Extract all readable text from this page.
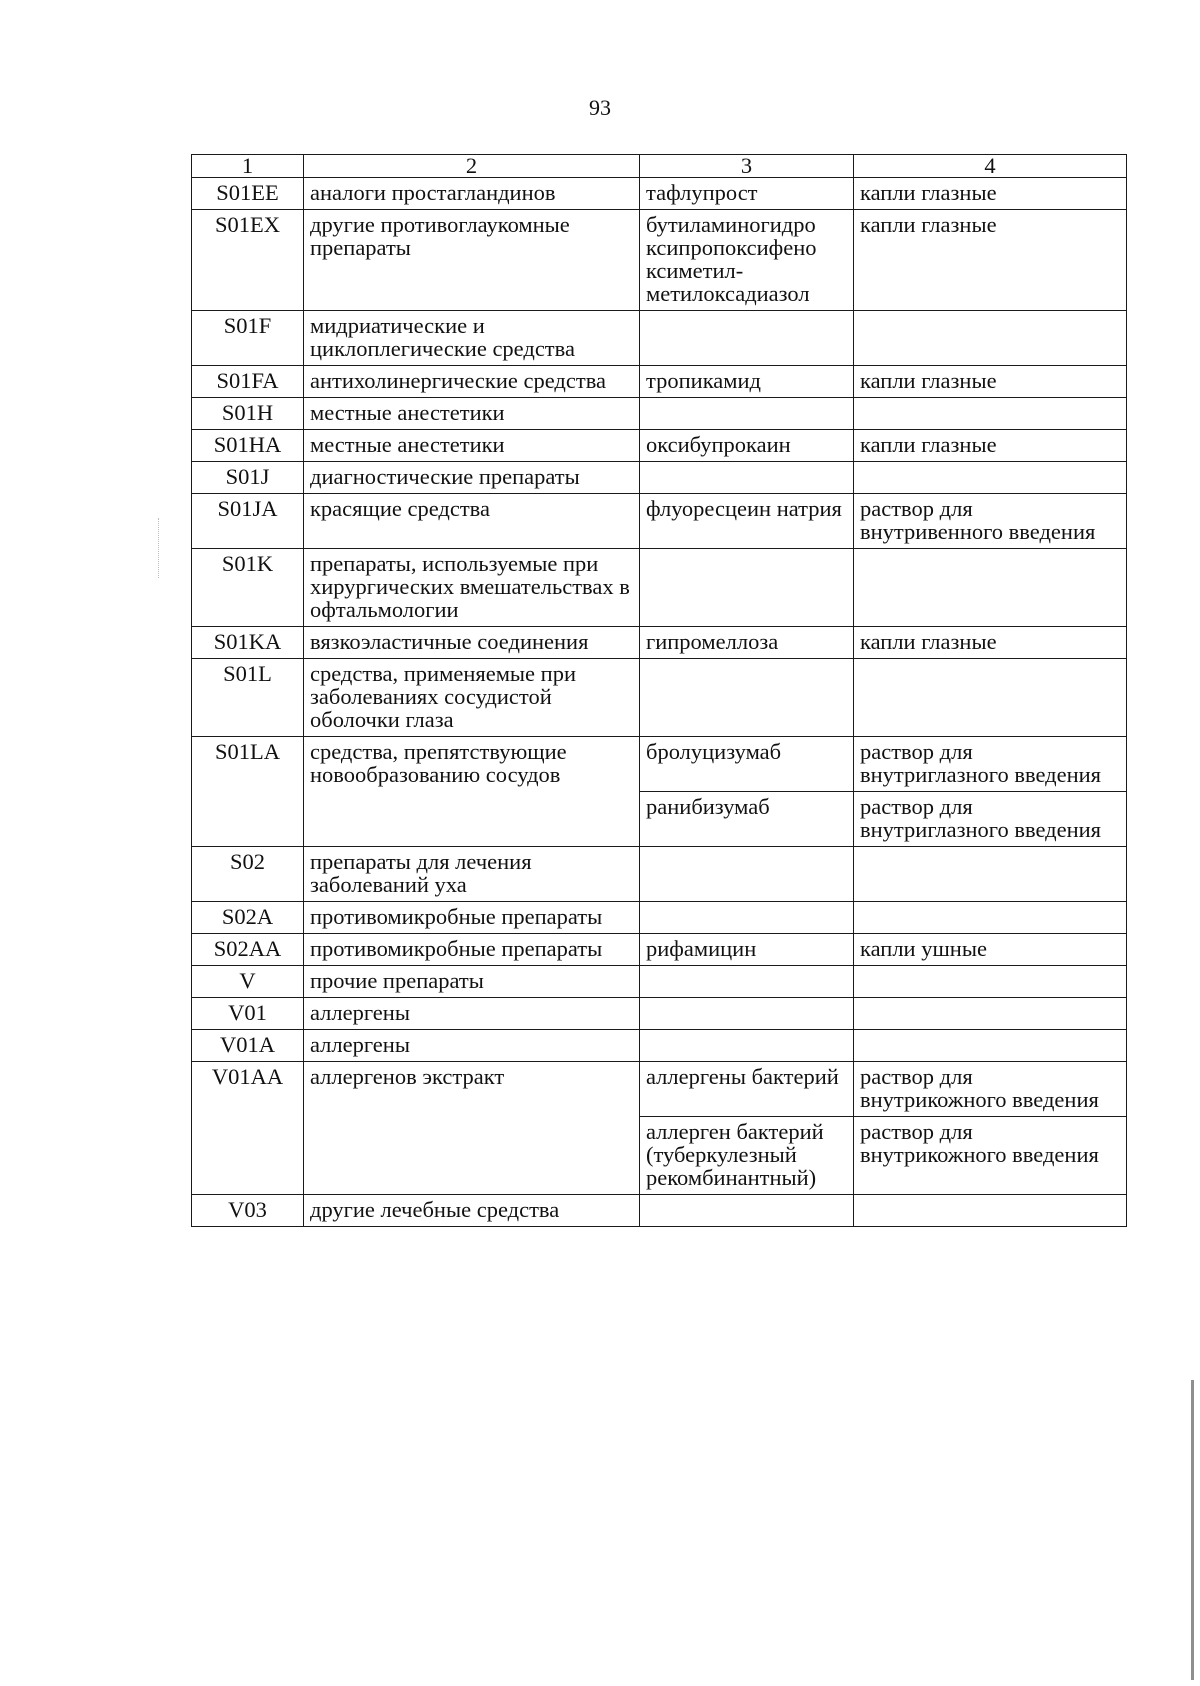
93
1	2	3	4
S01EE	аналоги простагландинов	тафлупрост	капли глазные
S01EX	другие противоглаукомные препараты	бутиламиногидро ксипропоксифено ксиметил-метилоксадиазол	капли глазные
S01F	мидриатические и циклоплегические средства		
S01FA	антихолинергические средства	тропикамид	капли глазные
S01H	местные анестетики		
S01HA	местные анестетики	оксибупрокаин	капли глазные
S01J	диагностические препараты		
S01JA	красящие средства	флуоресцеин натрия	раствор для внутривенного введения
S01K	препараты, используемые при хирургических вмешательствах в офтальмологии		
S01KA	вязкоэластичные соединения	гипромеллоза	капли глазные
S01L	средства, применяемые при заболеваниях сосудистой оболочки глаза		
S01LA	средства, препятствующие новообразованию сосудов	бролуцизумаб	раствор для внутриглазного введения
		ранибизумаб	раствор для внутриглазного введения
S02	препараты для лечения заболеваний уха		
S02A	противомикробные препараты		
S02AA	противомикробные препараты	рифамицин	капли ушные
V	прочие препараты		
V01	аллергены		
V01A	аллергены		
V01AA	аллергенов экстракт	аллергены бактерий	раствор для внутрикожного введения
		аллерген бактерий (туберкулезный рекомбинантный)	раствор для внутрикожного введения
V03	другие лечебные средства		
